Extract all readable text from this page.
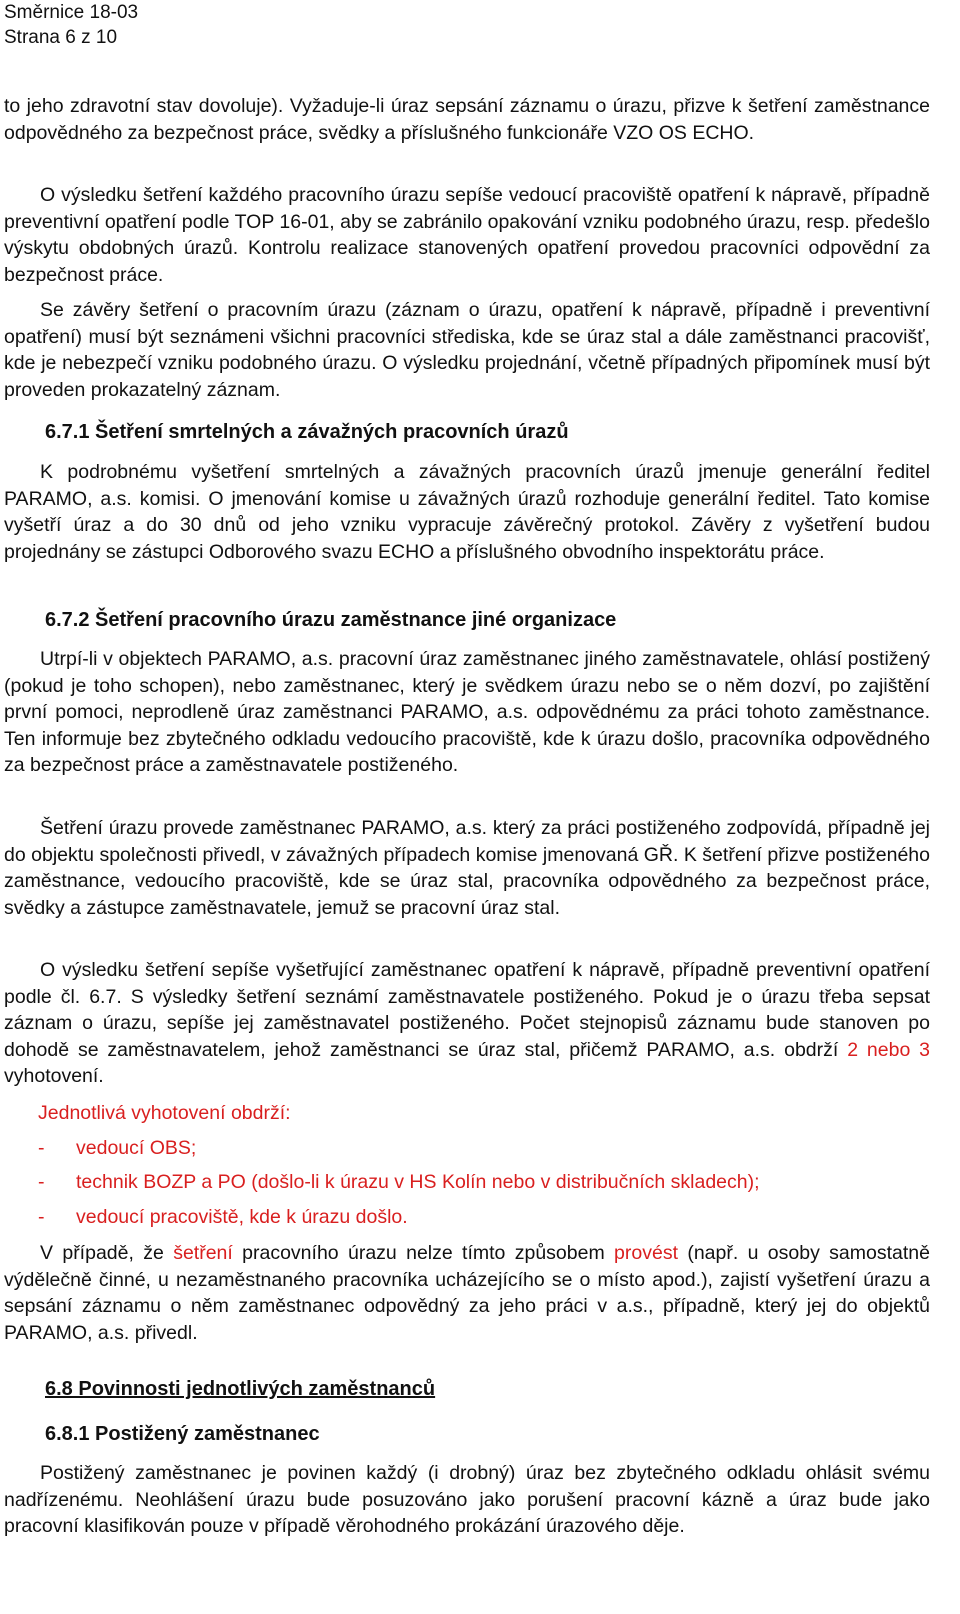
Směrnice 18-03
Strana 6 z 10

to jeho zdravotní stav dovoluje). Vyžaduje-li úraz sepsání záznamu o úrazu, přizve k šetření zaměstnance odpovědného za bezpečnost práce, svědky a příslušného funkcionáře VZO OS ECHO.

O výsledku šetření každého pracovního úrazu sepíše vedoucí pracoviště opatření k nápravě, případně preventivní opatření podle TOP 16-01, aby se zabránilo opakování vzniku podobného úrazu, resp. předešlo výskytu obdobných úrazů. Kontrolu realizace stanovených opatření provedou pracovníci odpovědní za bezpečnost práce.

Se závěry šetření o pracovním úrazu (záznam o úrazu, opatření k nápravě, případně i preventivní opatření) musí být seznámeni všichni pracovníci střediska, kde se úraz stal a dále zaměstnanci pracovišť, kde je nebezpečí vzniku podobného úrazu. O výsledku projednání, včetně případných připomínek musí být proveden prokazatelný záznam.

6.7.1 Šetření smrtelných a závažných pracovních úrazů

K podrobnému vyšetření smrtelných a závažných pracovních úrazů jmenuje generální ředitel PARAMO, a.s. komisi. O jmenování komise u závažných úrazů rozhoduje generální ředitel. Tato komise vyšetří úraz a do 30 dnů od jeho vzniku vypracuje závěrečný protokol. Závěry z vyšetření budou projednány se zástupci Odborového svazu ECHO a příslušného obvodního inspektorátu práce.

6.7.2 Šetření pracovního úrazu zaměstnance jiné organizace

Utrpí-li v objektech PARAMO, a.s. pracovní úraz zaměstnanec jiného zaměstnavatele, ohlásí postižený (pokud je toho schopen), nebo zaměstnanec, který je svědkem úrazu nebo se o něm dozví, po zajištění první pomoci, neprodleně úraz zaměstnanci PARAMO, a.s. odpovědnému za práci tohoto zaměstnance. Ten informuje bez zbytečného odkladu vedoucího pracoviště, kde k úrazu došlo, pracovníka odpovědného za bezpečnost práce a zaměstnavatele postiženého.

Šetření úrazu provede zaměstnanec PARAMO, a.s. který za práci postiženého zodpovídá, případně jej do objektu společnosti přivedl, v závažných případech komise jmenovaná GŘ. K šetření přizve postiženého zaměstnance, vedoucího pracoviště, kde se úraz stal, pracovníka odpovědného za bezpečnost práce, svědky a zástupce zaměstnavatele, jemuž se pracovní úraz stal.

O výsledku šetření sepíše vyšetřující zaměstnanec opatření k nápravě, případně preventivní opatření podle čl. 6.7. S výsledky šetření seznámí zaměstnavatele postiženého. Pokud je o úrazu třeba sepsat záznam o úrazu, sepíše jej zaměstnavatel postiženého. Počet stejnopisů záznamu bude stanoven po dohodě se zaměstnavatelem, jehož zaměstnanci se úraz stal, přičemž PARAMO, a.s. obdrží 2 nebo 3 vyhotovení.

Jednotlivá vyhotovení obdrží:
- vedoucí OBS;
- technik BOZP a PO (došlo-li k úrazu v HS Kolín nebo v distribučních skladech);
- vedoucí pracoviště, kde k úrazu došlo.

V případě, že šetření pracovního úrazu nelze tímto způsobem provést (např. u osoby samostatně výdělečně činné, u nezaměstnaného pracovníka ucházejícího se o místo apod.), zajistí vyšetření úrazu a sepsání záznamu o něm zaměstnanec odpovědný za jeho práci v a.s., případně, který jej do objektů PARAMO, a.s. přivedl.

6.8 Povinnosti jednotlivých zaměstnanců
6.8.1 Postižený zaměstnanec

Postižený zaměstnanec je povinen každý (i drobný) úraz bez zbytečného odkladu ohlásit svému nadřízenému. Neohlášení úrazu bude posuzováno jako porušení pracovní kázně a úraz bude jako pracovní klasifikován pouze v případě věrohodného prokázání úrazového děje.
